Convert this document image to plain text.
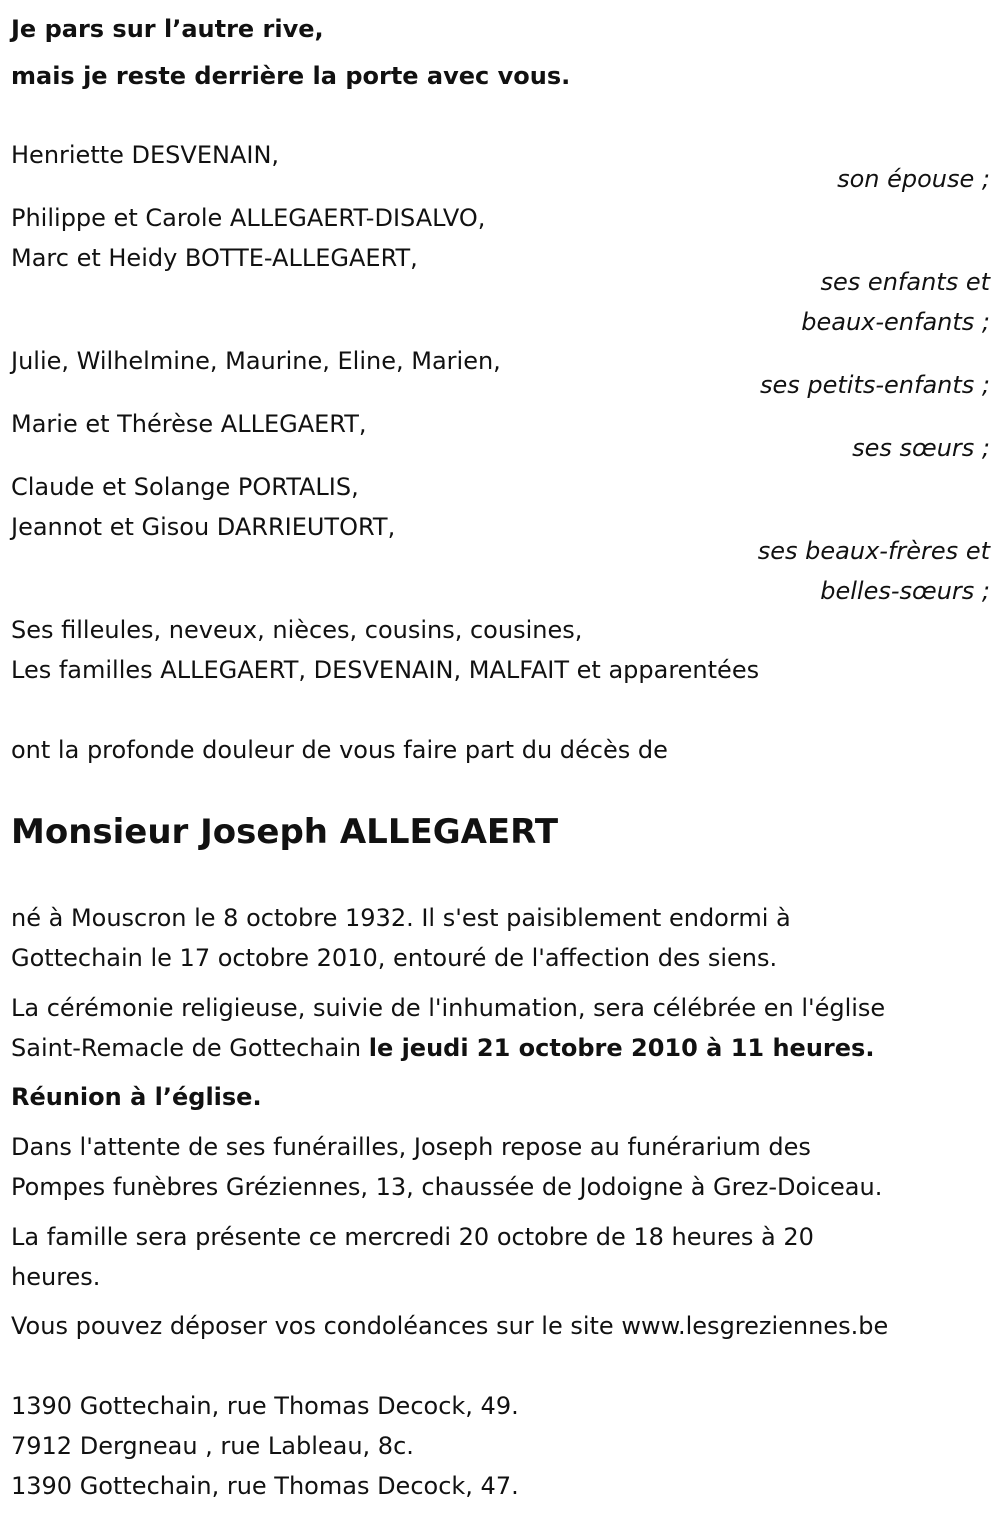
Je pars sur l’autre rive,
mais je reste derrière la porte avec vous.
Henriette DESVENAIN,
son épouse ;
Philippe et Carole ALLEGAERT-DISALVO,
Marc et Heidy BOTTE-ALLEGAERT,
ses enfants et
beaux-enfants ;
Julie, Wilhelmine, Maurine, Eline, Marien,
ses petits-enfants ;
Marie et Thérèse ALLEGAERT,
ses sœurs ;
Claude et Solange PORTALIS,
Jeannot et Gisou DARRIEUTORT,
ses beaux-frères et
belles-sœurs ;
Ses filleules, neveux, nièces, cousins, cousines,
Les familles ALLEGAERT, DESVENAIN, MALFAIT et apparentées
ont la profonde douleur de vous faire part du décès de
Monsieur Joseph ALLEGAERT
né à Mouscron le 8 octobre 1932. Il s'est paisiblement endormi à
Gottechain le 17 octobre 2010, entouré de l'affection des siens.
La cérémonie religieuse, suivie de l'inhumation, sera célébrée en l'église
Saint-Remacle de Gottechain le jeudi 21 octobre 2010 à 11 heures.
Réunion à l’église.
Dans l'attente de ses funérailles, Joseph repose au funérarium des
Pompes funèbres Gréziennes, 13, chaussée de Jodoigne à Grez-Doiceau.
La famille sera présente ce mercredi 20 octobre de 18 heures à 20
heures.
Vous pouvez déposer vos condoléances sur le site www.lesgreziennes.be
1390 Gottechain, rue Thomas Decock, 49.
7912 Dergneau , rue Lableau, 8c.
1390 Gottechain, rue Thomas Decock, 47.
